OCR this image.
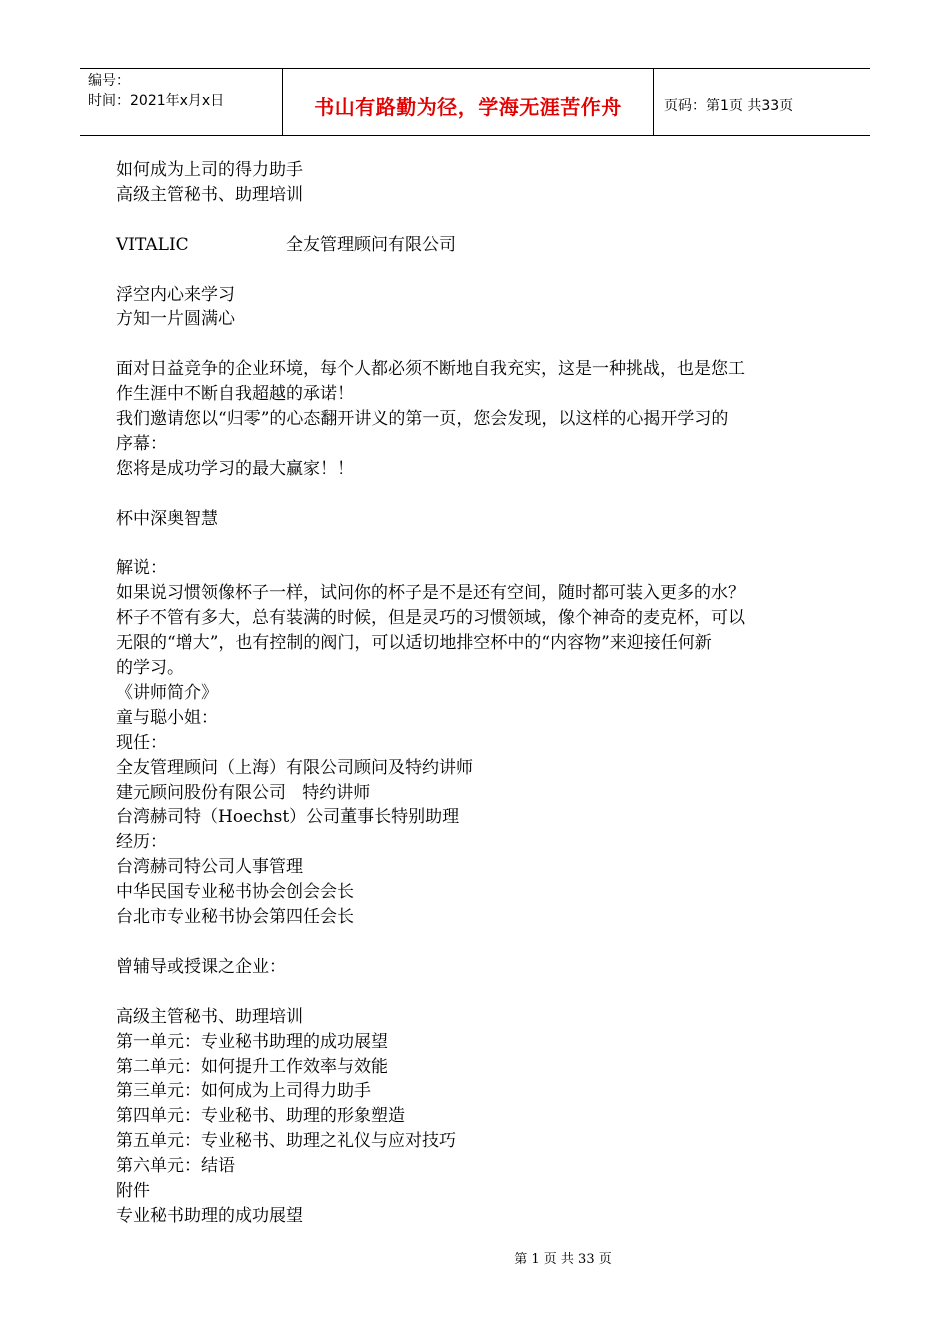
编号：
时间：2021年x月x日	书山有路勤为径，学海无涯苦作舟	页码：第1页 共33页

如何成为上司的得力助手

高级主管秘书、助理培训

VITALIC                  全友管理顾问有限公司

浮空内心来学习

方知一片圆满心

面对日益竞争的企业环境，每个人都必须不断地自我充实，这是一种挑战，也是您工

作生涯中不断自我超越的承诺！

我们邀请您以“归零”的心态翻开讲义的第一页，您会发现，以这样的心揭开学习的

序幕：

您将是成功学习的最大赢家！！

杯中深奥智慧

解说：

如果说习惯领像杯子一样，试问你的杯子是不是还有空间，随时都可装入更多的水？

杯子不管有多大，总有装满的时候，但是灵巧的习惯领域，像个神奇的麦克杯，可以

无限的“增大”，也有控制的阀门，可以适切地排空杯中的“内容物”来迎接任何新

的学习。

《讲师简介》

童与聪小姐：

现任：

全友管理顾问（上海）有限公司顾问及特约讲师

建元顾问股份有限公司   特约讲师

台湾赫司特（Hoechst）公司董事长特别助理

经历：

台湾赫司特公司人事管理

中华民国专业秘书协会创会会长

台北市专业秘书协会第四任会长

曾辅导或授课之企业：

高级主管秘书、助理培训

第一单元：专业秘书助理的成功展望

第二单元：如何提升工作效率与效能

第三单元：如何成为上司得力助手

第四单元：专业秘书、助理的形象塑造

第五单元：专业秘书、助理之礼仪与应对技巧

第六单元：结语

附件

专业秘书助理的成功展望

第 1 页 共 33 页
